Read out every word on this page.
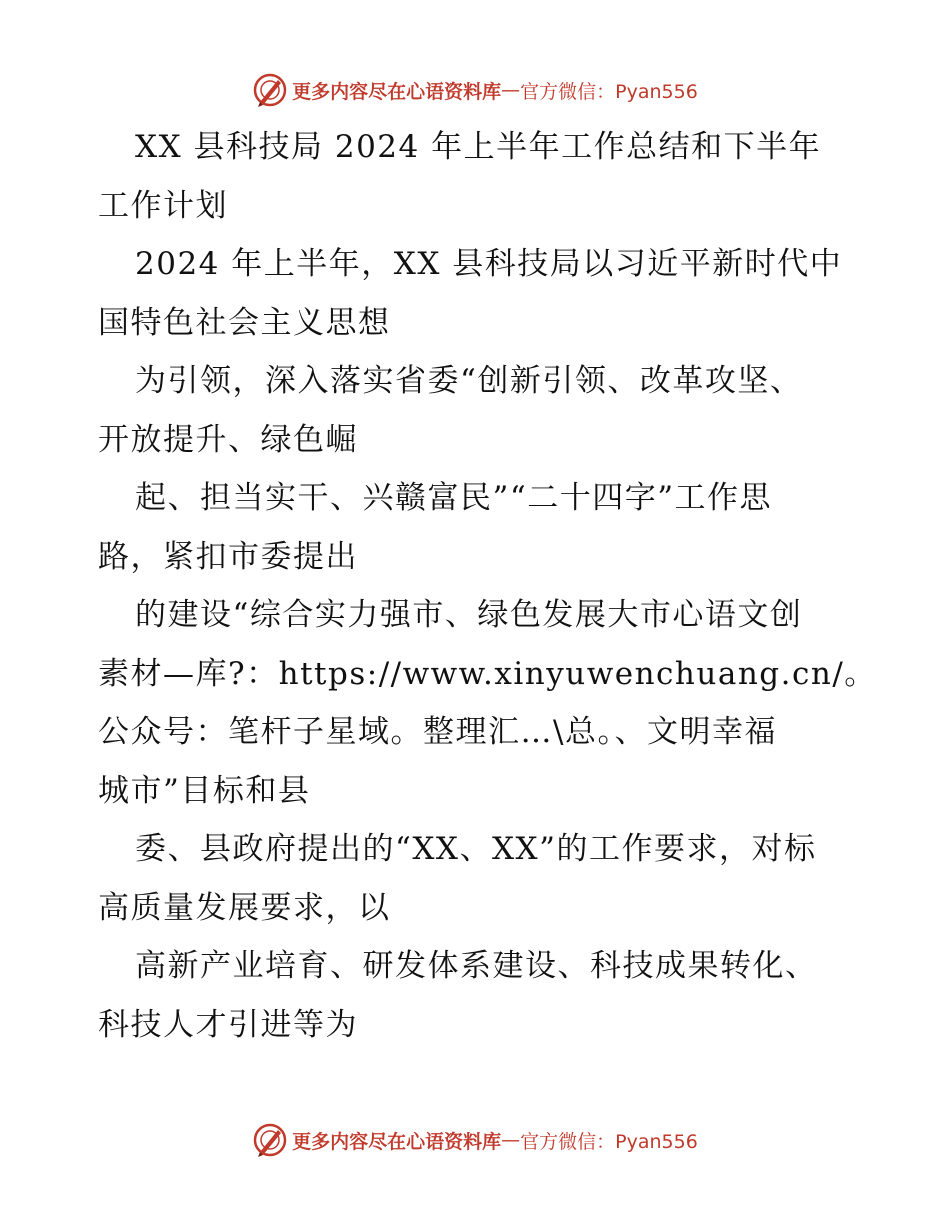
更多内容尽在心语资料库 — 官方微信：Pyan556
XX 县科技局 2024 年上半年工作总结和下半年
工作计划
2024 年上半年，XX 县科技局以习近平新时代中
国特色社会主义思想
为引领，深入落实省委“创新引领、改革攻坚、
开放提升、绿色崛
起、担当实干、兴赣富民”“二十四字”工作思
路，紧扣市委提出
的建设“综合实力强市、绿色发展大市心语文创
素材—库?：https://www.xinyuwenchuang.cn/。
公众号：笔杆子星域。整理汇…\总。、文明幸福
城市”目标和县
委、县政府提出的“XX、XX”的工作要求，对标
高质量发展要求，以
高新产业培育、研发体系建设、科技成果转化、
科技人才引进等为
更多内容尽在心语资料库 — 官方微信：Pyan556
